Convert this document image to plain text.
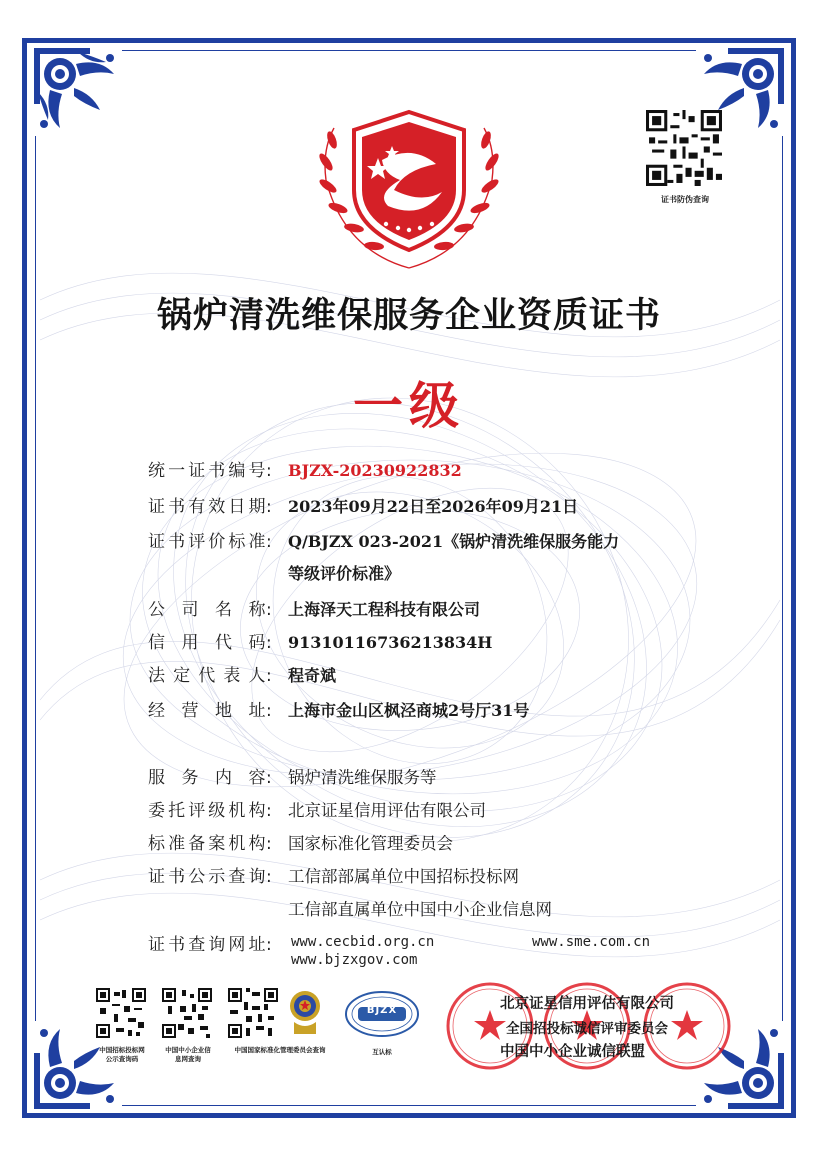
证书防伪查询
锅炉清洗维保服务企业资质证书
一级
统一证书编号: BJZX-20230922832
证书有效日期: 2023年09月22日至2026年09月21日
证书评价标准: Q/BJZX 023-2021《锅炉清洗维保服务能力
等级评价标准》
公司名称: 上海泽天工程科技有限公司
信用代码: 91310116736213834H
法定代表人: 程奇斌
经营地址: 上海市金山区枫泾商城2号厅31号
服务内容: 锅炉清洗维保服务等
委托评级机构: 北京证星信用评估有限公司
标准备案机构: 国家标准化管理委员会
证书公示查询: 工信部部属单位中国招标投标网
工信部直属单位中国中小企业信息网
证书查询网址:	www.cecbid.org.cn	www.sme.com.cn
www.bjzxgov.com
中国招标投标网
公示查询码
中国中小企业信
息网查询
中国国家标准化管理委员会查询
BJZX
互认标
北京证星信用评估有限公司
全国招投标诚信评审委员会
中国中小企业诚信联盟
